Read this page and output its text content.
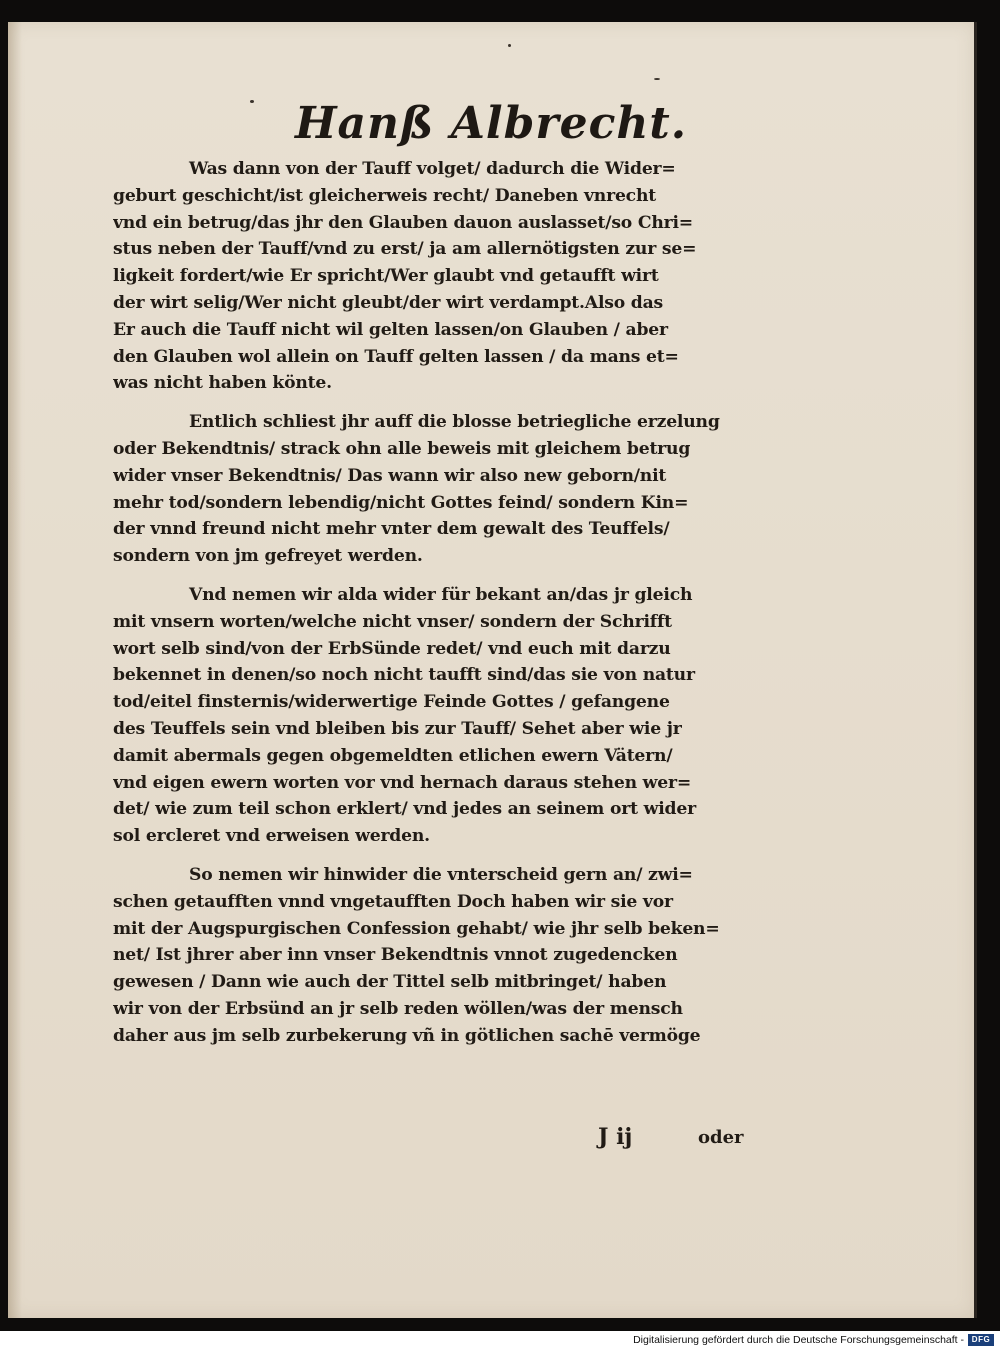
Hanß Albrecht.
Was dann von der Tauff volget/ dadurch die Wider=
geburt geschicht/ist gleicherweis recht/ Daneben vnrecht
vnd ein betrug/das jhr den Glauben dauon auslasset/so Chri=
stus neben der Tauff/vnd zu erst/ ja am allernötigsten zur se=
ligkeit fordert/wie Er spricht/Wer glaubt vnd getaufft wirt
der wirt selig/Wer nicht gleubt/der wirt verdampt.Also das
Er auch die Tauff nicht wil gelten lassen/on Glauben / aber
den Glauben wol allein on Tauff gelten lassen / da mans et=
was nicht haben könte.
Entlich schliest jhr auff die blosse betriegliche erzelung
oder Bekendtnis/ strack ohn alle beweis mit gleichem betrug
wider vnser Bekendtnis/ Das wann wir also new geborn/nit
mehr tod/sondern lebendig/nicht Gottes feind/ sondern Kin=
der vnnd freund nicht mehr vnter dem gewalt des Teuffels/
sondern von jm gefreyet werden.
Vnd nemen wir alda wider für bekant an/das jr gleich
mit vnsern worten/welche nicht vnser/ sondern der Schrifft
wort selb sind/von der ErbSünde redet/ vnd euch mit darzu
bekennet in denen/so noch nicht taufft sind/das sie von natur
tod/eitel finsternis/widerwertige Feinde Gottes / gefangene
des Teuffels sein vnd bleiben bis zur Tauff/ Sehet aber wie jr
damit abermals gegen obgemeldten etlichen ewern Vätern/
vnd eigen ewern worten vor vnd hernach daraus stehen wer=
det/ wie zum teil schon erklert/ vnd jedes an seinem ort wider
sol ercleret vnd erweisen werden.
So nemen wir hinwider die vnterscheid gern an/ zwi=
schen getaufften vnnd vngetaufften Doch haben wir sie vor
mit der Augspurgischen Confession gehabt/ wie jhr selb beken=
net/ Ist jhrer aber inn vnser Bekendtnis vnnot zugedencken
gewesen / Dann wie auch der Tittel selb mitbringet/ haben
wir von der Erbsünd an jr selb reden wöllen/was der mensch
daher aus jm selb zurbekerung vñ in götlichen sachē vermöge
J ij	oder
Digitalisierung gefördert durch die Deutsche Forschungsgemeinschaft - DFG
